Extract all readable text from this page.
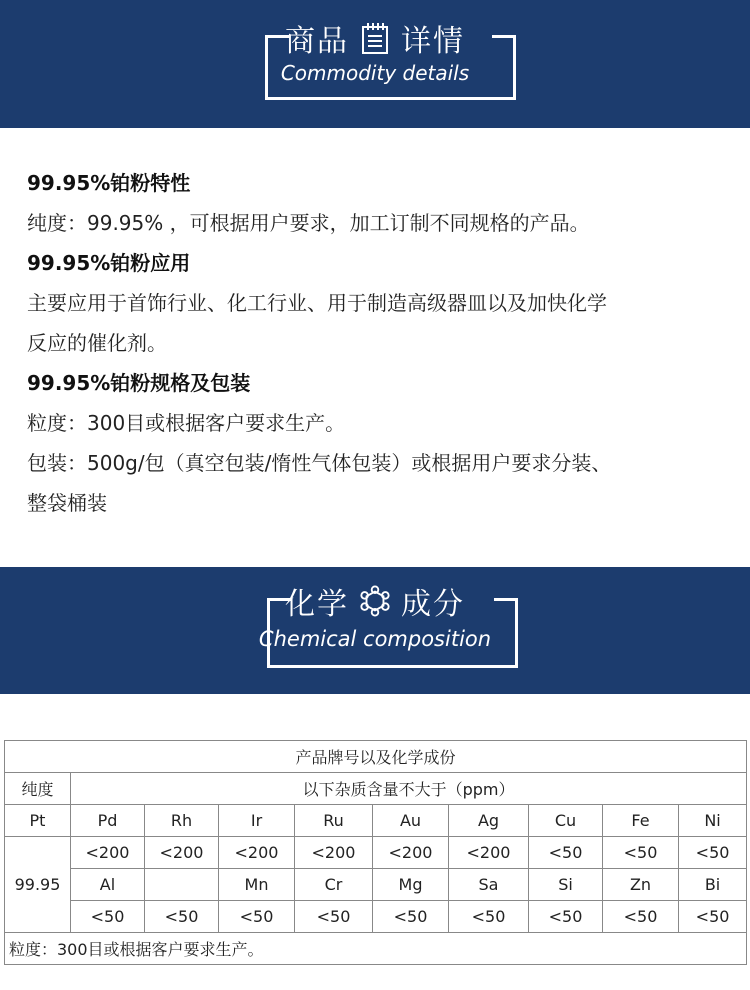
商品 详情
Commodity details

99.95%铂粉特性

纯度：99.95% ，可根据用户要求，加工订制不同规格的产品。

99.95%铂粉应用

主要应用于首饰行业、化工行业、用于制造高级器皿以及加快化学

反应的催化剂。

99.95%铂粉规格及包装

粒度：300目或根据客户要求生产。

包装：500g/包（真空包装/惰性气体包装）或根据用户要求分装、

整袋桶装

化学 成分
Chemical composition
产品牌号以及化学成份									
纯度	以下杂质含量不大于（ppm）								
Pt	Pd	Rh	Ir	Ru	Au	Ag	Cu	Fe	Ni
99.95	<200	<200	<200	<200	<200	<200	<50	<50	<50
	Al		Mn	Cr	Mg	Sa	Si	Zn	Bi
	<50	<50	<50	<50	<50	<50	<50	<50	<50
粒度：300目或根据客户要求生产。									
